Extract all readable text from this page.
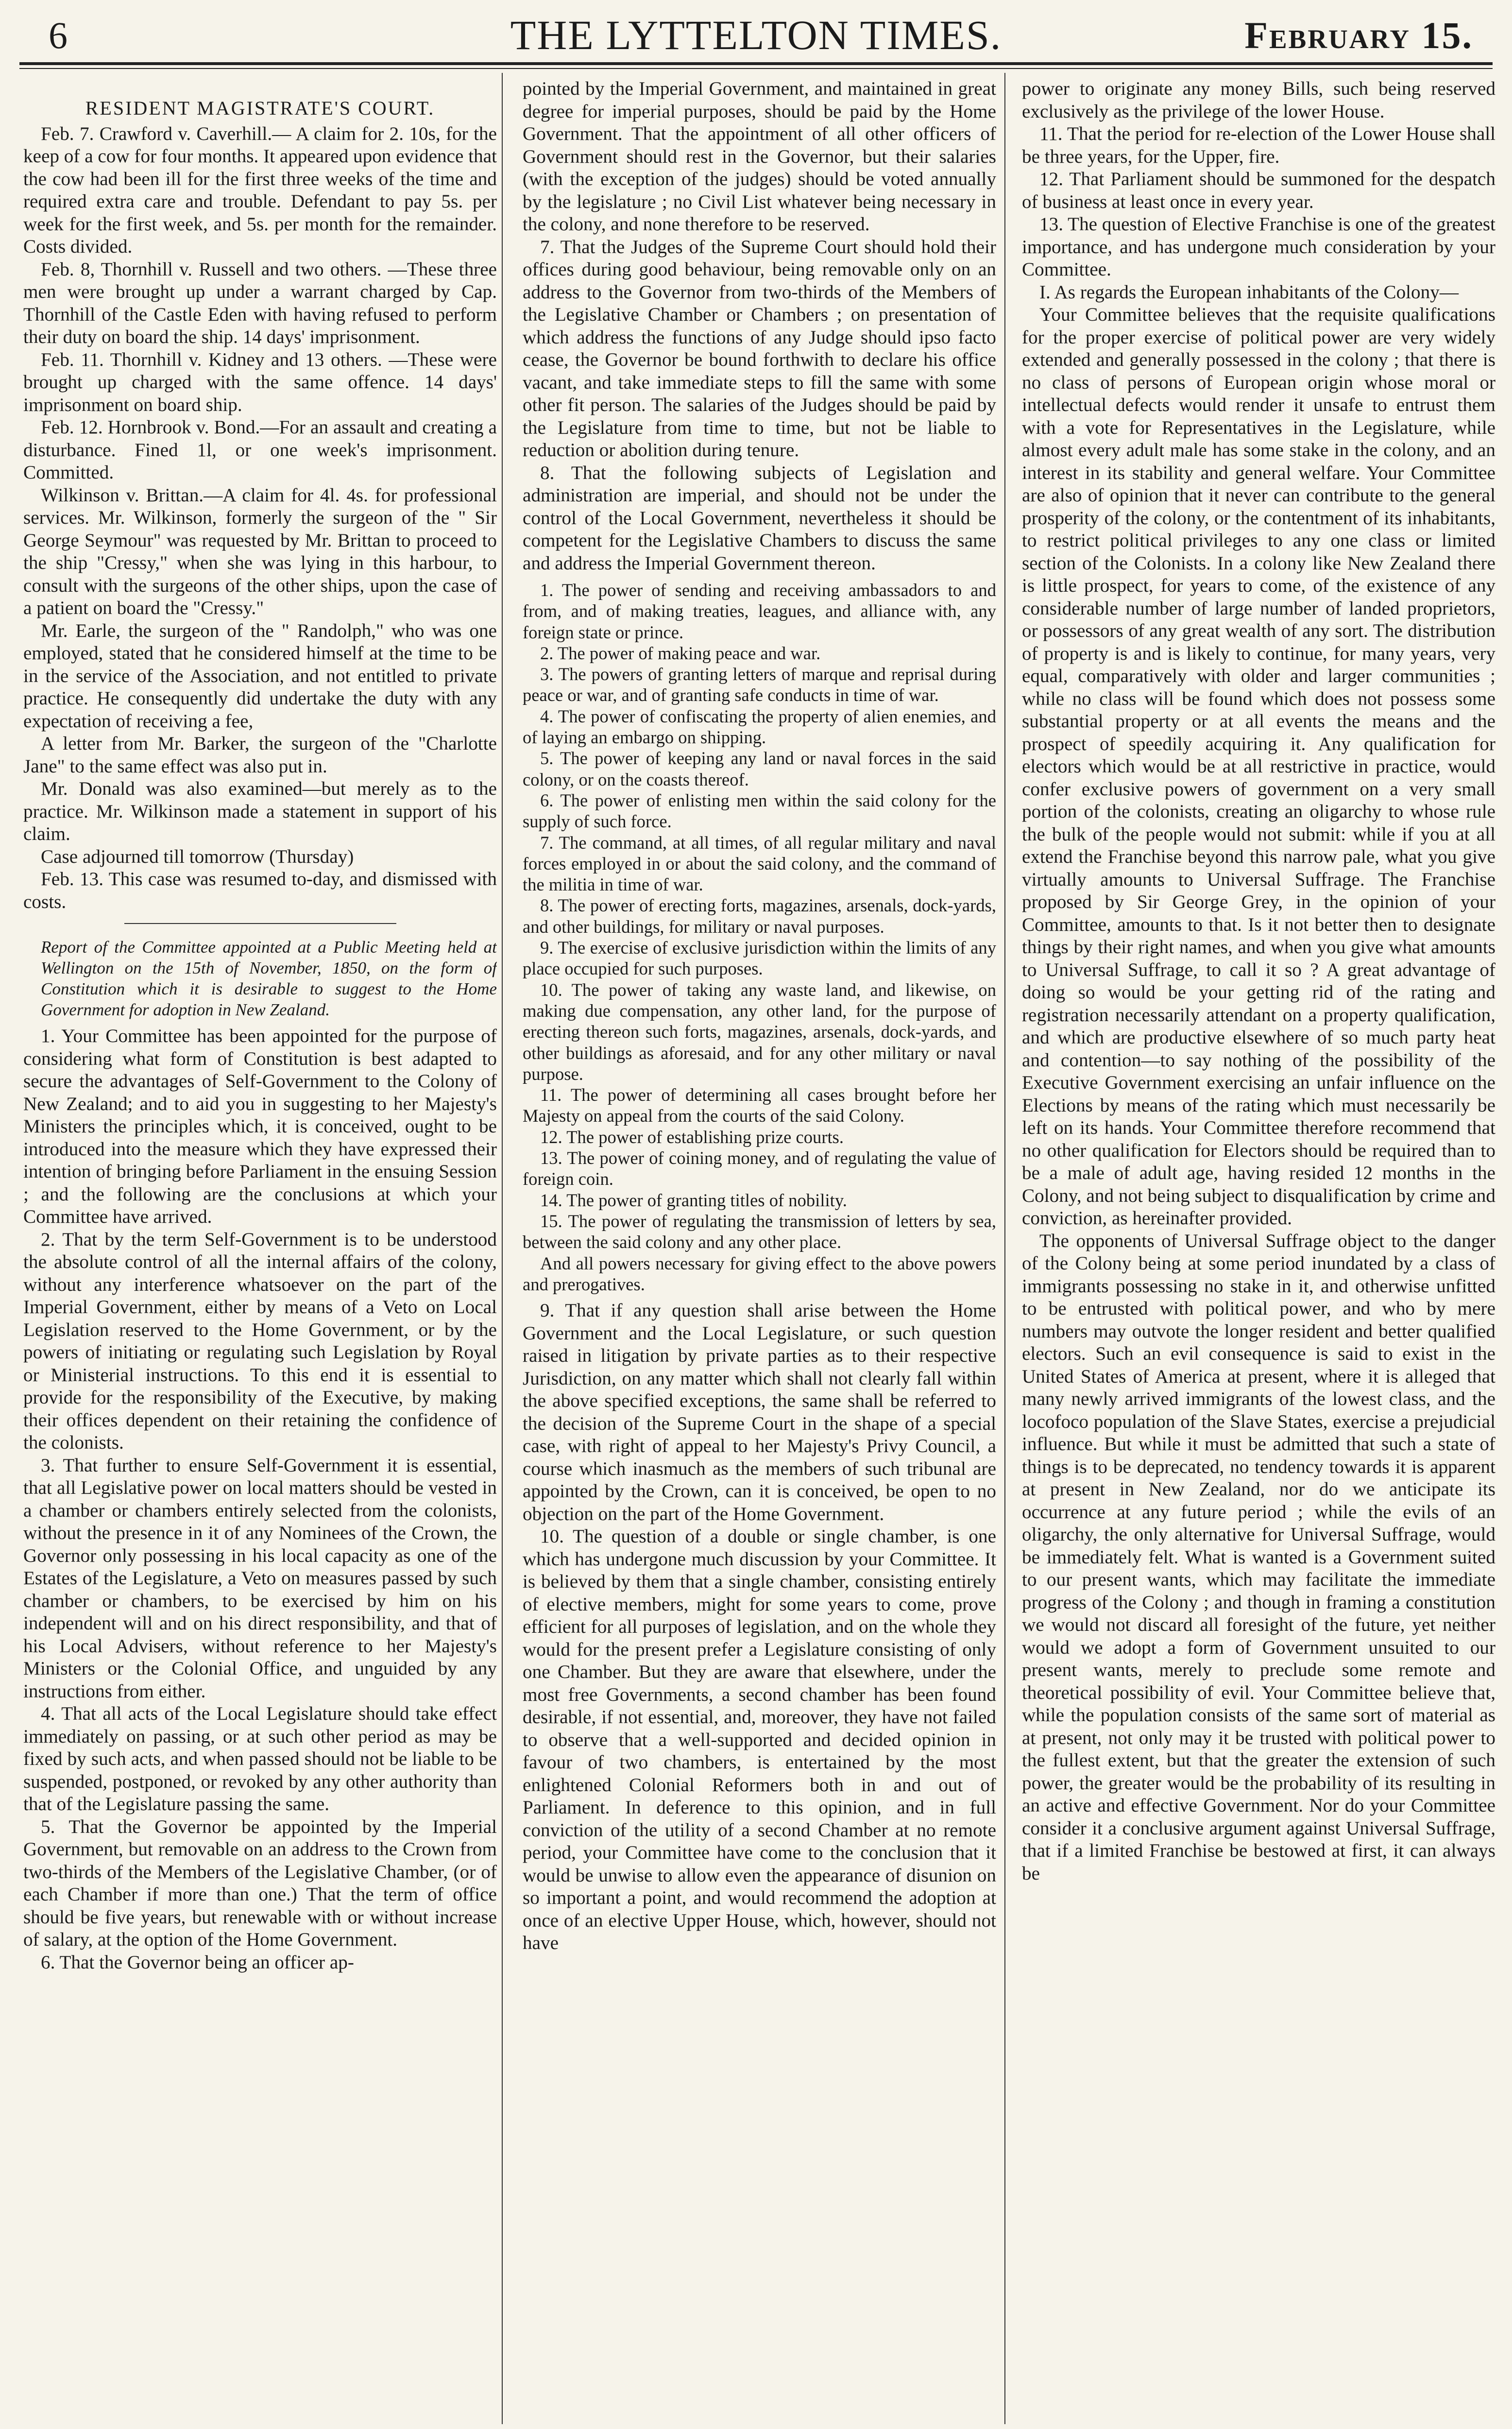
6	THE LYTTELTON TIMES.	February 15.

RESIDENT MAGISTRATE'S COURT.

Feb. 7. Crawford v. Caverhill.— A claim for 2. 10s, for the keep of a cow for four months. It appeared upon evidence that the cow had been ill for the first three weeks of the time and required extra care and trouble. Defendant to pay 5s. per week for the first week, and 5s. per month for the remainder. Costs divided.

Feb. 8, Thornhill v. Russell and two others. —These three men were brought up under a warrant charged by Cap. Thornhill of the Castle Eden with having refused to perform their duty on board the ship. 14 days' imprisonment.

Feb. 11. Thornhill v. Kidney and 13 others. —These were brought up charged with the same offence. 14 days' imprisonment on board ship.

Feb. 12. Hornbrook v. Bond.—For an assault and creating a disturbance. Fined 1l, or one week's imprisonment. Committed.

Wilkinson v. Brittan.—A claim for 4l. 4s. for professional services. Mr. Wilkinson, formerly the surgeon of the " Sir George Seymour" was requested by Mr. Brittan to proceed to the ship "Cressy," when she was lying in this harbour, to consult with the surgeons of the other ships, upon the case of a patient on board the "Cressy."

Mr. Earle, the surgeon of the " Randolph," who was one employed, stated that he considered himself at the time to be in the service of the Association, and not entitled to private practice. He consequently did undertake the duty with any expectation of receiving a fee,

A letter from Mr. Barker, the surgeon of the "Charlotte Jane" to the same effect was also put in.

Mr. Donald was also examined—but merely as to the practice. Mr. Wilkinson made a statement in support of his claim.

Case adjourned till tomorrow (Thursday)

Feb. 13. This case was resumed to-day, and dismissed with costs.

Report of the Committee appointed at a Public Meeting held at Wellington on the 15th of November, 1850, on the form of Constitution which it is desirable to suggest to the Home Government for adoption in New Zealand.

1. Your Committee has been appointed for the purpose of considering what form of Constitution is best adapted to secure the advantages of Self-Government to the Colony of New Zealand; and to aid you in suggesting to her Majesty's Ministers the principles which, it is conceived, ought to be introduced into the measure which they have expressed their intention of bringing before Parliament in the ensuing Session ; and the following are the conclusions at which your Committee have arrived.

2. That by the term Self-Government is to be understood the absolute control of all the internal affairs of the colony, without any interference whatsoever on the part of the Imperial Government, either by means of a Veto on Local Legislation reserved to the Home Government, or by the powers of initiating or regulating such Legislation by Royal or Ministerial instructions. To this end it is essential to provide for the responsibility of the Executive, by making their offices dependent on their retaining the confidence of the colonists.

3. That further to ensure Self-Government it is essential, that all Legislative power on local matters should be vested in a chamber or chambers entirely selected from the colonists, without the presence in it of any Nominees of the Crown, the Governor only possessing in his local capacity as one of the Estates of the Legislature, a Veto on measures passed by such chamber or chambers, to be exercised by him on his independent will and on his direct responsibility, and that of his Local Advisers, without reference to her Majesty's Ministers or the Colonial Office, and unguided by any instructions from either.

4. That all acts of the Local Legislature should take effect immediately on passing, or at such other period as may be fixed by such acts, and when passed should not be liable to be suspended, postponed, or revoked by any other authority than that of the Legislature passing the same.

5. That the Governor be appointed by the Imperial Government, but removable on an address to the Crown from two-thirds of the Members of the Legislative Chamber, (or of each Chamber if more than one.) That the term of office should be five years, but renewable with or without increase of salary, at the option of the Home Government.

6. That the Governor being an officer ap-

pointed by the Imperial Government, and maintained in great degree for imperial purposes, should be paid by the Home Government. That the appointment of all other officers of Government should rest in the Governor, but their salaries (with the exception of the judges) should be voted annually by the legislature ; no Civil List whatever being necessary in the colony, and none therefore to be reserved.

7. That the Judges of the Supreme Court should hold their offices during good behaviour, being removable only on an address to the Governor from two-thirds of the Members of the Legislative Chamber or Chambers ; on presentation of which address the functions of any Judge should ipso facto cease, the Governor be bound forthwith to declare his office vacant, and take immediate steps to fill the same with some other fit person. The salaries of the Judges should be paid by the Legislature from time to time, but not be liable to reduction or abolition during tenure.

8. That the following subjects of Legislation and administration are imperial, and should not be under the control of the Local Government, nevertheless it should be competent for the Legislative Chambers to discuss the same and address the Imperial Government thereon.

1. The power of sending and receiving ambassadors to and from, and of making treaties, leagues, and alliance with, any foreign state or prince.

2. The power of making peace and war.

3. The powers of granting letters of marque and reprisal during peace or war, and of granting safe conducts in time of war.

4. The power of confiscating the property of alien enemies, and of laying an embargo on shipping.

5. The power of keeping any land or naval forces in the said colony, or on the coasts thereof.

6. The power of enlisting men within the said colony for the supply of such force.

7. The command, at all times, of all regular military and naval forces employed in or about the said colony, and the command of the militia in time of war.

8. The power of erecting forts, magazines, arsenals, dock-yards, and other buildings, for military or naval purposes.

9. The exercise of exclusive jurisdiction within the limits of any place occupied for such purposes.

10. The power of taking any waste land, and likewise, on making due compensation, any other land, for the purpose of erecting thereon such forts, magazines, arsenals, dock-yards, and other buildings as aforesaid, and for any other military or naval purpose.

11. The power of determining all cases brought before her Majesty on appeal from the courts of the said Colony.

12. The power of establishing prize courts.

13. The power of coining money, and of regulating the value of foreign coin.

14. The power of granting titles of nobility.

15. The power of regulating the transmission of letters by sea, between the said colony and any other place.

And all powers necessary for giving effect to the above powers and prerogatives.

9. That if any question shall arise between the Home Government and the Local Legislature, or such question raised in litigation by private parties as to their respective Jurisdiction, on any matter which shall not clearly fall within the above specified exceptions, the same shall be referred to the decision of the Supreme Court in the shape of a special case, with right of appeal to her Majesty's Privy Council, a course which inasmuch as the members of such tribunal are appointed by the Crown, can it is conceived, be open to no objection on the part of the Home Government.

10. The question of a double or single chamber, is one which has undergone much discussion by your Committee. It is believed by them that a single chamber, consisting entirely of elective members, might for some years to come, prove efficient for all purposes of legislation, and on the whole they would for the present prefer a Legislature consisting of only one Chamber. But they are aware that elsewhere, under the most free Governments, a second chamber has been found desirable, if not essential, and, moreover, they have not failed to observe that a well-supported and decided opinion in favour of two chambers, is entertained by the most enlightened Colonial Reformers both in and out of Parliament. In deference to this opinion, and in full conviction of the utility of a second Chamber at no remote period, your Committee have come to the conclusion that it would be unwise to allow even the appearance of disunion on so important a point, and would recommend the adoption at once of an elective Upper House, which, however, should not have

power to originate any money Bills, such being reserved exclusively as the privilege of the lower House.

11. That the period for re-election of the Lower House shall be three years, for the Upper, fire.

12. That Parliament should be summoned for the despatch of business at least once in every year.

13. The question of Elective Franchise is one of the greatest importance, and has undergone much consideration by your Committee.

I. As regards the European inhabitants of the Colony—

Your Committee believes that the requisite qualifications for the proper exercise of political power are very widely extended and generally possessed in the colony ; that there is no class of persons of European origin whose moral or intellectual defects would render it unsafe to entrust them with a vote for Representatives in the Legislature, while almost every adult male has some stake in the colony, and an interest in its stability and general welfare. Your Committee are also of opinion that it never can contribute to the general prosperity of the colony, or the contentment of its inhabitants, to restrict political privileges to any one class or limited section of the Colonists. In a colony like New Zealand there is little prospect, for years to come, of the existence of any considerable number of large number of landed proprietors, or possessors of any great wealth of any sort. The distribution of property is and is likely to continue, for many years, very equal, comparatively with older and larger communities ; while no class will be found which does not possess some substantial property or at all events the means and the prospect of speedily acquiring it. Any qualification for electors which would be at all restrictive in practice, would confer exclusive powers of government on a very small portion of the colonists, creating an oligarchy to whose rule the bulk of the people would not submit: while if you at all extend the Franchise beyond this narrow pale, what you give virtually amounts to Universal Suffrage. The Franchise proposed by Sir George Grey, in the opinion of your Committee, amounts to that. Is it not better then to designate things by their right names, and when you give what amounts to Universal Suffrage, to call it so ? A great advantage of doing so would be your getting rid of the rating and registration necessarily attendant on a property qualification, and which are productive elsewhere of so much party heat and contention—to say nothing of the possibility of the Executive Government exercising an unfair influence on the Elections by means of the rating which must necessarily be left on its hands. Your Committee therefore recommend that no other qualification for Electors should be required than to be a male of adult age, having resided 12 months in the Colony, and not being subject to disqualification by crime and conviction, as hereinafter provided.

The opponents of Universal Suffrage object to the danger of the Colony being at some period inundated by a class of immigrants possessing no stake in it, and otherwise unfitted to be entrusted with political power, and who by mere numbers may outvote the longer resident and better qualified electors. Such an evil consequence is said to exist in the United States of America at present, where it is alleged that many newly arrived immigrants of the lowest class, and the locofoco population of the Slave States, exercise a prejudicial influence. But while it must be admitted that such a state of things is to be deprecated, no tendency towards it is apparent at present in New Zealand, nor do we anticipate its occurrence at any future period ; while the evils of an oligarchy, the only alternative for Universal Suffrage, would be immediately felt. What is wanted is a Government suited to our present wants, which may facilitate the immediate progress of the Colony ; and though in framing a constitution we would not discard all foresight of the future, yet neither would we adopt a form of Government unsuited to our present wants, merely to preclude some remote and theoretical possibility of evil. Your Committee believe that, while the population consists of the same sort of material as at present, not only may it be trusted with political power to the fullest extent, but that the greater the extension of such power, the greater would be the probability of its resulting in an active and effective Government. Nor do your Committee consider it a conclusive argument against Universal Suffrage, that if a limited Franchise be bestowed at first, it can always be
